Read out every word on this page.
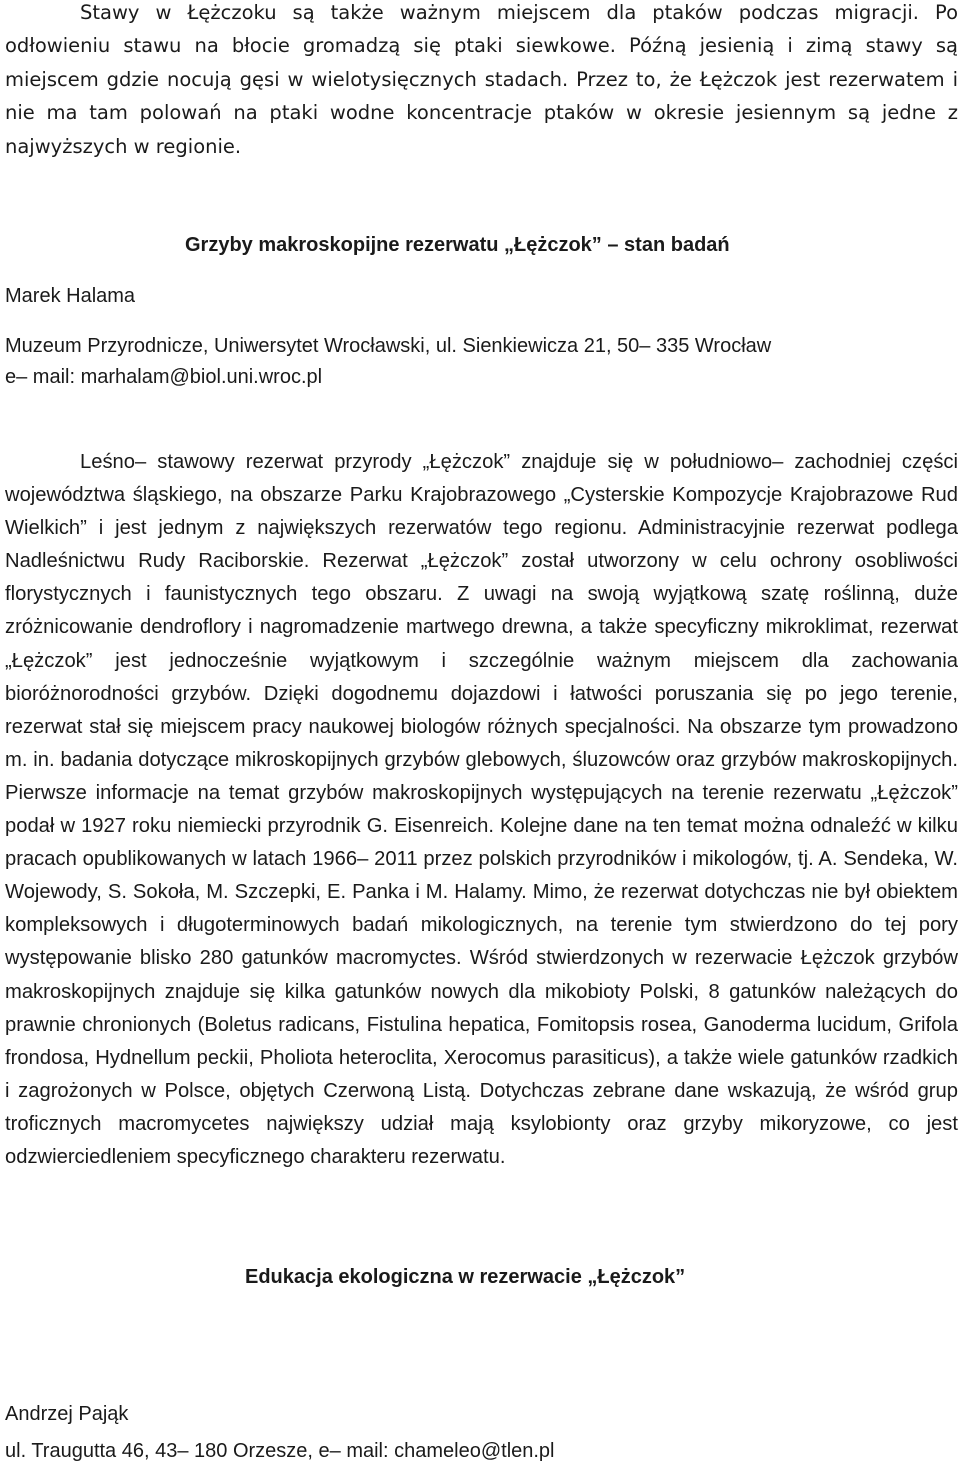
Stawy w Łężczoku są także ważnym miejscem dla ptaków podczas migracji. Po odłowieniu stawu na błocie gromadzą się ptaki siewkowe. Późną jesienią i zimą stawy są miejscem gdzie nocują gęsi w wielotysięcznych stadach. Przez to, że Łężczok jest rezerwatem i nie ma tam polowań na ptaki wodne koncentracje ptaków w okresie jesiennym są jedne z najwyższych w regionie.

Grzyby makroskopijne rezerwatu „Łężczok” – stan badań

Marek Halama

Muzeum Przyrodnicze, Uniwersytet Wrocławski, ul. Sienkiewicza 21, 50– 335 Wrocław

e– mail: marhalam@biol.uni.wroc.pl

Leśno– stawowy rezerwat przyrody „Łężczok” znajduje się w południowo– zachodniej części województwa śląskiego, na obszarze Parku Krajobrazowego „Cysterskie Kompozycje Krajobrazowe Rud Wielkich” i jest jednym z największych rezerwatów tego regionu. Administracyjnie rezerwat podlega Nadleśnictwu Rudy Raciborskie. Rezerwat „Łężczok” został utworzony w celu ochrony osobliwości florystycznych i faunistycznych tego obszaru. Z uwagi na swoją wyjątkową szatę roślinną, duże zróżnicowanie dendroflory i nagromadzenie martwego drewna, a także specyficzny mikroklimat, rezerwat „Łężczok” jest jednocześnie wyjątkowym i szczególnie ważnym miejscem dla zachowania bioróżnorodności grzybów. Dzięki dogodnemu dojazdowi i łatwości poruszania się po jego terenie, rezerwat stał się miejscem pracy naukowej biologów różnych specjalności. Na obszarze tym prowadzono m. in. badania dotyczące mikroskopijnych grzybów glebowych, śluzowców oraz grzybów makroskopijnych. Pierwsze informacje na temat grzybów makroskopijnych występujących na terenie rezerwatu „Łężczok” podał w 1927 roku niemiecki przyrodnik G. Eisenreich. Kolejne dane na ten temat można odnaleźć w kilku pracach opublikowanych w latach 1966– 2011 przez polskich przyrodników i mikologów, tj. A. Sendeka, W. Wojewody, S. Sokoła, M. Szczepki, E. Panka i M. Halamy. Mimo, że rezerwat dotychczas nie był obiektem kompleksowych i długoterminowych badań mikologicznych, na terenie tym stwierdzono do tej pory występowanie blisko 280 gatunków macromyctes. Wśród stwierdzonych w rezerwacie Łężczok grzybów makroskopijnych znajduje się kilka gatunków nowych dla mikobioty Polski, 8 gatunków należących do prawnie chronionych (Boletus radicans, Fistulina hepatica, Fomitopsis rosea, Ganoderma lucidum, Grifola frondosa, Hydnellum peckii, Pholiota heteroclita, Xerocomus parasiticus), a także wiele gatunków rzadkich i zagrożonych w Polsce, objętych Czerwoną Listą. Dotychczas zebrane dane wskazują, że wśród grup troficznych macromycetes największy udział mają ksylobionty oraz grzyby mikoryzowe, co jest odzwierciedleniem specyficznego charakteru rezerwatu.

Edukacja ekologiczna w rezerwacie „Łężczok”

Andrzej Pająk

ul. Traugutta 46, 43– 180 Orzesze, e– mail: chameleo@tlen.pl
